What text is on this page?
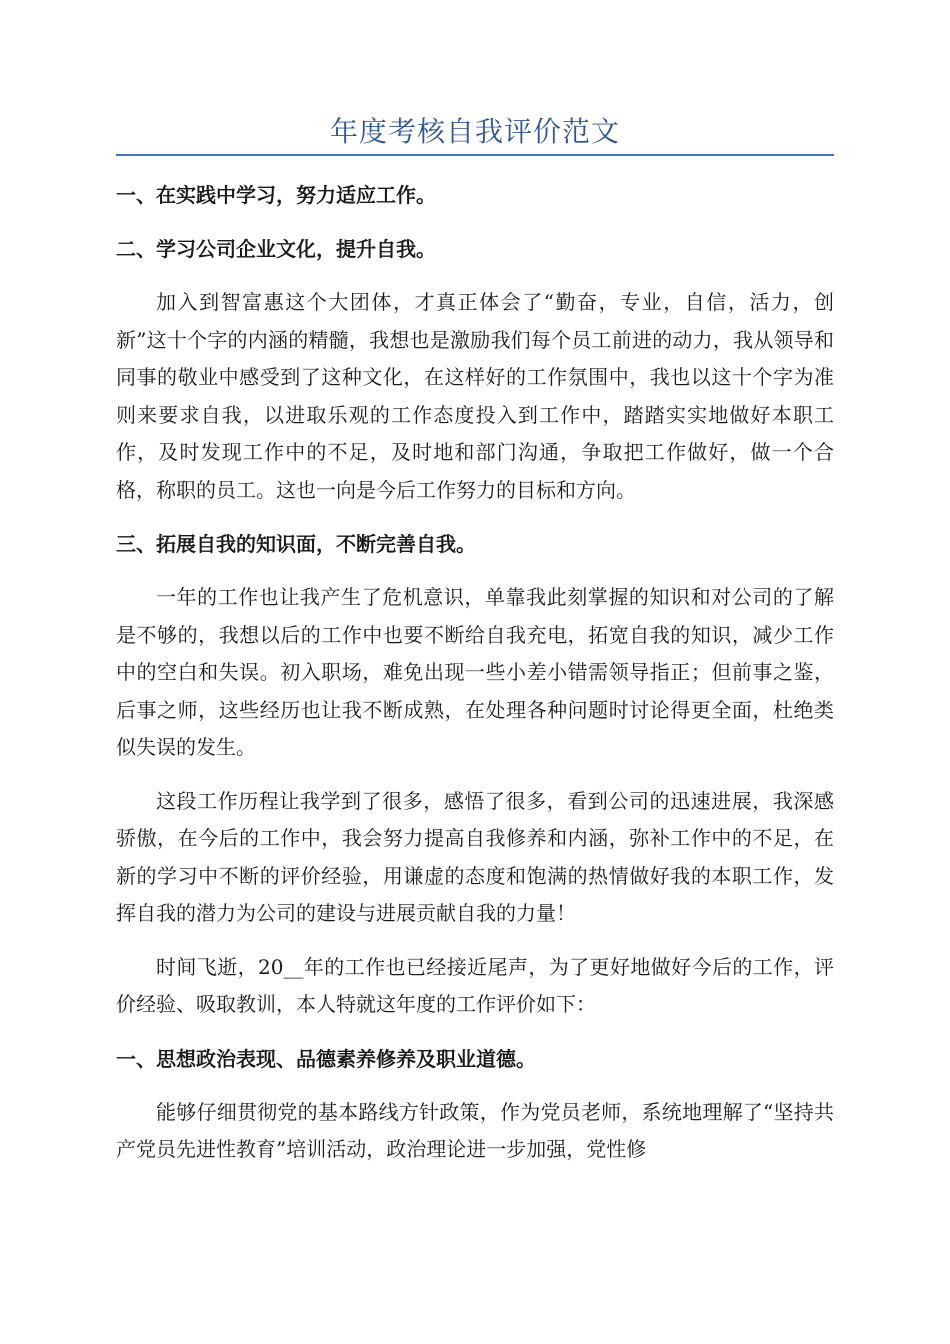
年度考核自我评价范文
一、在实践中学习，努力适应工作。
二、学习公司企业文化，提升自我。

加入到智富惠这个大团体，才真正体会了“勤奋，专业，自信，活力，创新”这十个字的内涵的精髓，我想也是激励我们每个员工前进的动力，我从领导和同事的敬业中感受到了这种文化，在这样好的工作氛围中，我也以这十个字为准则来要求自我，以进取乐观的工作态度投入到工作中，踏踏实实地做好本职工作，及时发现工作中的不足，及时地和部门沟通，争取把工作做好，做一个合格，称职的员工。这也一向是今后工作努力的目标和方向。

三、拓展自我的知识面，不断完善自我。

一年的工作也让我产生了危机意识，单靠我此刻掌握的知识和对公司的了解是不够的，我想以后的工作中也要不断给自我充电，拓宽自我的知识，减少工作中的空白和失误。初入职场，难免出现一些小差小错需领导指正；但前事之鉴，后事之师，这些经历也让我不断成熟，在处理各种问题时讨论得更全面，杜绝类似失误的发生。

这段工作历程让我学到了很多，感悟了很多，看到公司的迅速进展，我深感骄傲，在今后的工作中，我会努力提高自我修养和内涵，弥补工作中的不足，在新的学习中不断的评价经验，用谦虚的态度和饱满的热情做好我的本职工作，发挥自我的潜力为公司的建设与进展贡献自我的力量！

时间飞逝，20__年的工作也已经接近尾声，为了更好地做好今后的工作，评价经验、吸取教训，本人特就这年度的工作评价如下：

一、思想政治表现、品德素养修养及职业道德。

能够仔细贯彻党的基本路线方针政策，作为党员老师，系统地理解了“坚持共产党员先进性教育”培训活动，政治理论进一步加强，党性修
